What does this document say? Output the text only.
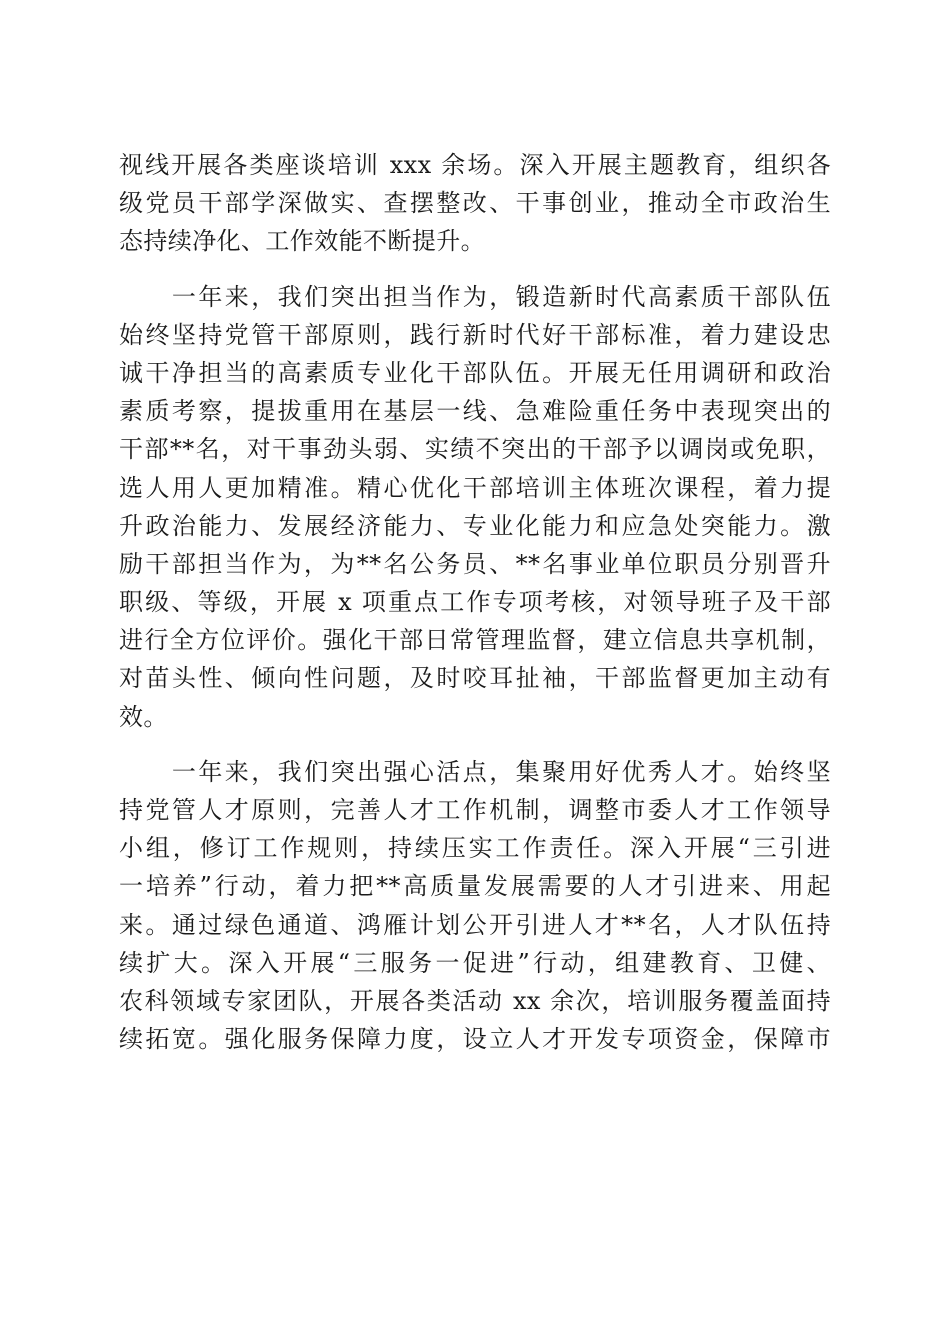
视线开展各类座谈培训 xxx 余场。深入开展主题教育，组织各
级党员干部学深做实、查摆整改、干事创业，推动全市政治生
态持续净化、工作效能不断提升。
　　一年来，我们突出担当作为，锻造新时代高素质干部队伍
始终坚持党管干部原则，践行新时代好干部标准，着力建设忠
诚干净担当的高素质专业化干部队伍。开展无任用调研和政治
素质考察，提拔重用在基层一线、急难险重任务中表现突出的
干部**名，对干事劲头弱、实绩不突出的干部予以调岗或免职，
选人用人更加精准。精心优化干部培训主体班次课程，着力提
升政治能力、发展经济能力、专业化能力和应急处突能力。激
励干部担当作为，为**名公务员、**名事业单位职员分别晋升
职级、等级，开展 x 项重点工作专项考核，对领导班子及干部
进行全方位评价。强化干部日常管理监督，建立信息共享机制，
对苗头性、倾向性问题，及时咬耳扯袖，干部监督更加主动有
效。
　　一年来，我们突出强心活点，集聚用好优秀人才。始终坚
持党管人才原则，完善人才工作机制，调整市委人才工作领导
小组，修订工作规则，持续压实工作责任。深入开展“三引进
一培养”行动，着力把**高质量发展需要的人才引进来、用起
来。通过绿色通道、鸿雁计划公开引进人才**名，人才队伍持
续扩大。深入开展“三服务一促进”行动，组建教育、卫健、
农科领域专家团队，开展各类活动 xx 余次，培训服务覆盖面持
续拓宽。强化服务保障力度，设立人才开发专项资金，保障市
